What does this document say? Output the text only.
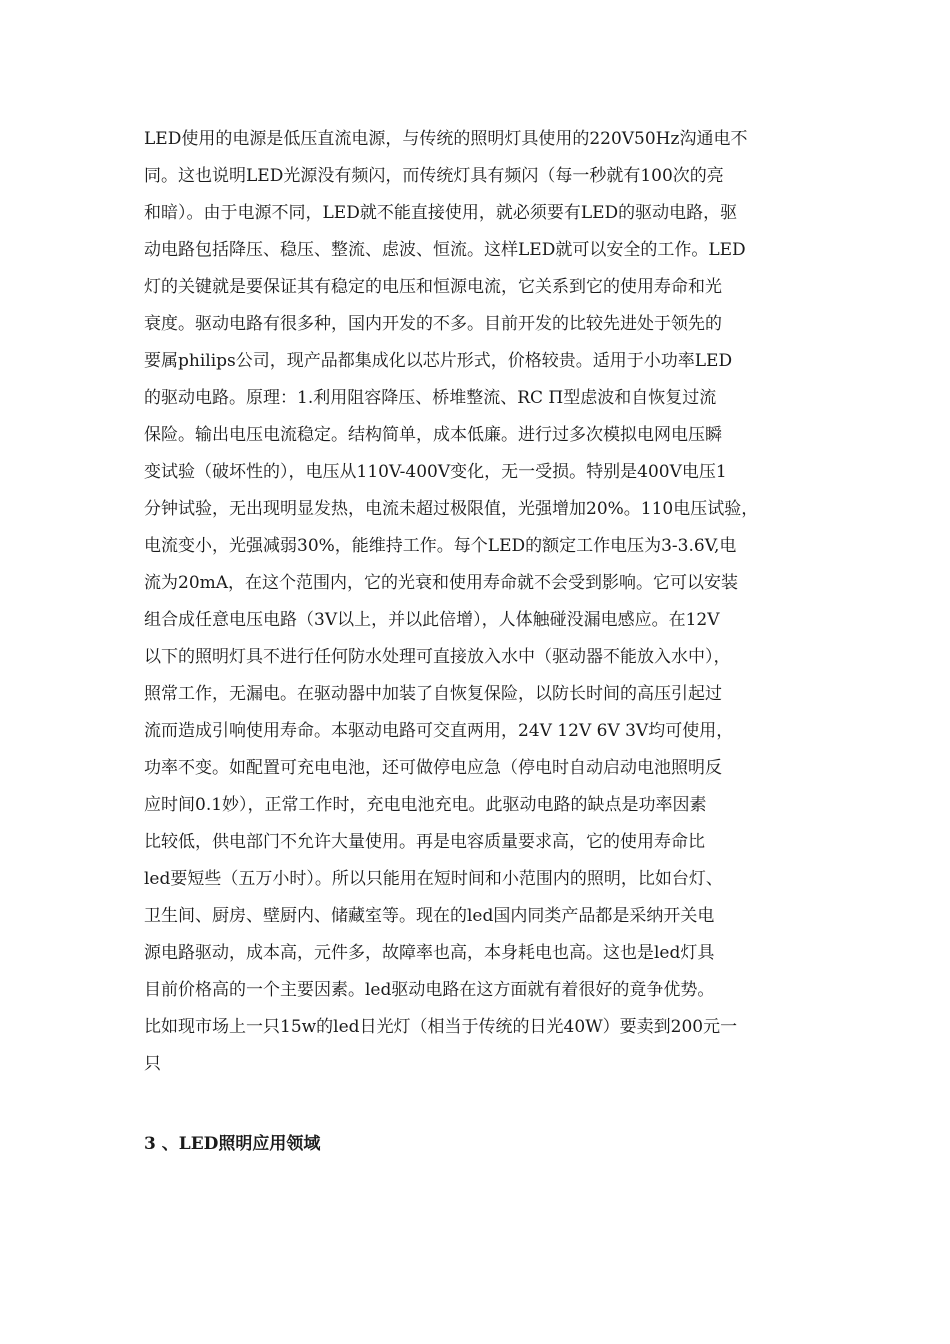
LED使用的电源是低压直流电源，与传统的照明灯具使用的220V50Hz沟通电不
同。这也说明LED光源没有频闪，而传统灯具有频闪（每一秒就有100次的亮
和暗）。由于电源不同，LED就不能直接使用，就必须要有LED的驱动电路，驱
动电路包括降压、稳压、整流、虑波、恒流。这样LED就可以安全的工作。LED
灯的关键就是要保证其有稳定的电压和恒源电流，它关系到它的使用寿命和光
衰度。驱动电路有很多种，国内开发的不多。目前开发的比较先进处于领先的
要属philips公司，现产品都集成化以芯片形式，价格较贵。适用于小功率LED
的驱动电路。原理：1.利用阻容降压、桥堆整流、RC Π型虑波和自恢复过流
保险。输出电压电流稳定。结构简单，成本低廉。进行过多次模拟电网电压瞬
变试验（破坏性的），电压从110V-400V变化，无一受损。特别是400V电压1
分钟试验，无出现明显发热，电流未超过极限值，光强增加20%。110电压试验，
电流变小，光强减弱30%，能维持工作。每个LED的额定工作电压为3-3.6V,电
流为20mA，在这个范围内，它的光衰和使用寿命就不会受到影响。它可以安装
组合成任意电压电路（3V以上，并以此倍增），人体触碰没漏电感应。在12V
以下的照明灯具不进行任何防水处理可直接放入水中（驱动器不能放入水中），
照常工作，无漏电。在驱动器中加装了自恢复保险，以防长时间的高压引起过
流而造成引响使用寿命。本驱动电路可交直两用，24V 12V 6V 3V均可使用，
功率不变。如配置可充电电池，还可做停电应急（停电时自动启动电池照明反
应时间0.1妙），正常工作时，充电电池充电。此驱动电路的缺点是功率因素
比较低，供电部门不允许大量使用。再是电容质量要求高，它的使用寿命比
led要短些（五万小时）。所以只能用在短时间和小范围内的照明，比如台灯、
卫生间、厨房、壁厨内、储藏室等。现在的led国内同类产品都是采纳开关电
源电路驱动，成本高，元件多，故障率也高，本身耗电也高。这也是led灯具
目前价格高的一个主要因素。led驱动电路在这方面就有着很好的竟争优势。
比如现市场上一只15w的led日光灯（相当于传统的日光40W）要卖到200元一
只
3 、LED照明应用领域
